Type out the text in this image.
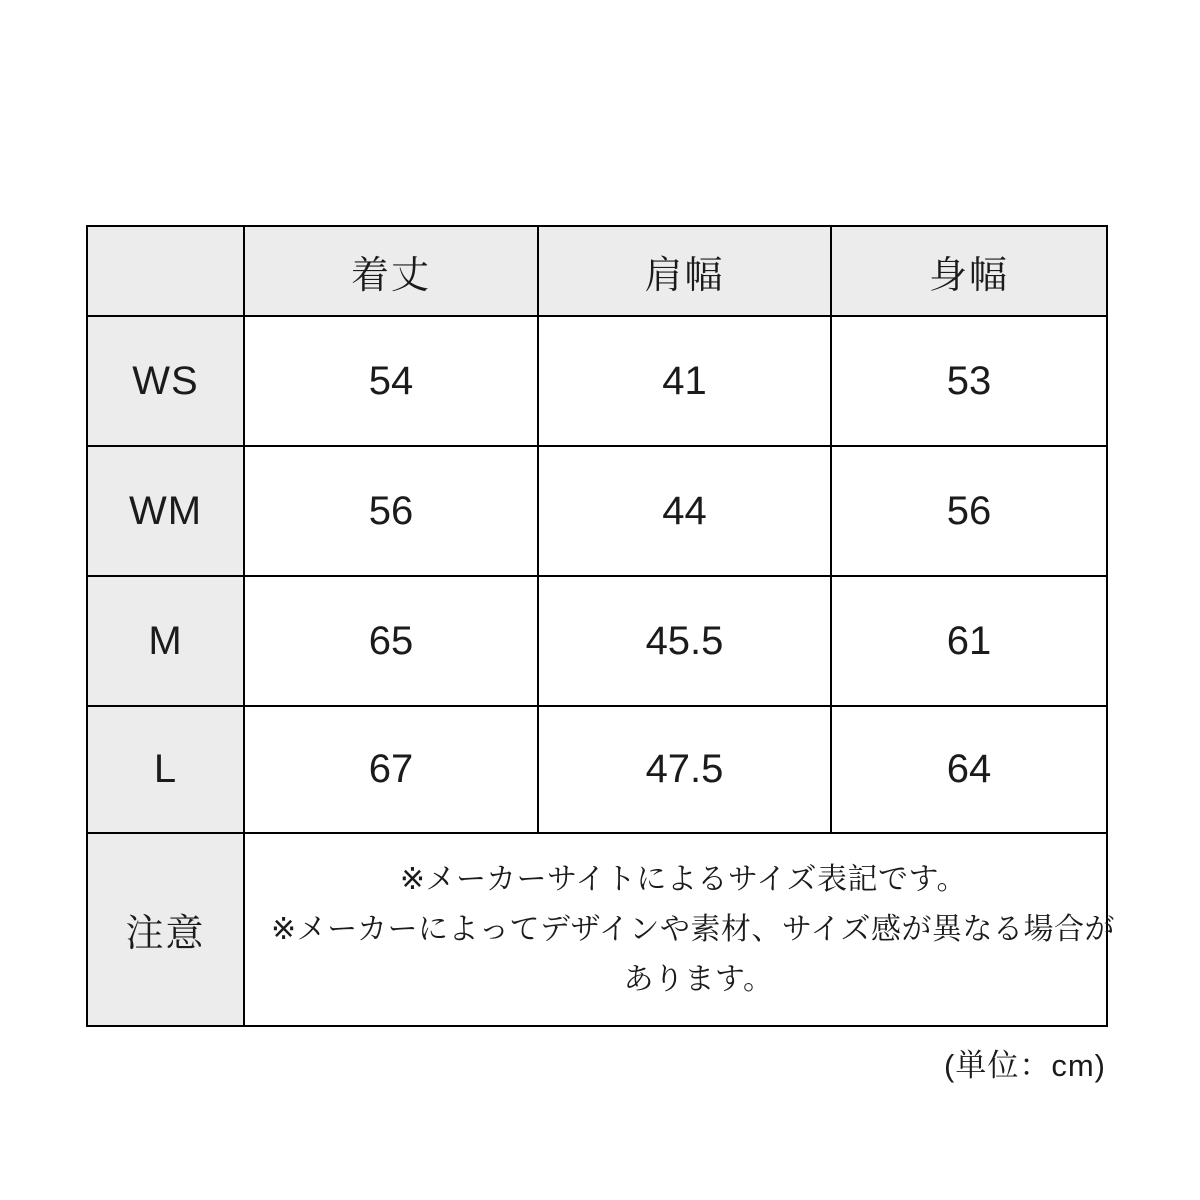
	着丈	肩幅	身幅
WS	54	41	53
WM	56	44	56
M	65	45.5	61
L	67	47.5	64
注意	※メーカーサイトによるサイズ表記です。
※メーカーによってデザインや素材、サイズ感が異なる場合が
あります。		
(単位：cm)
